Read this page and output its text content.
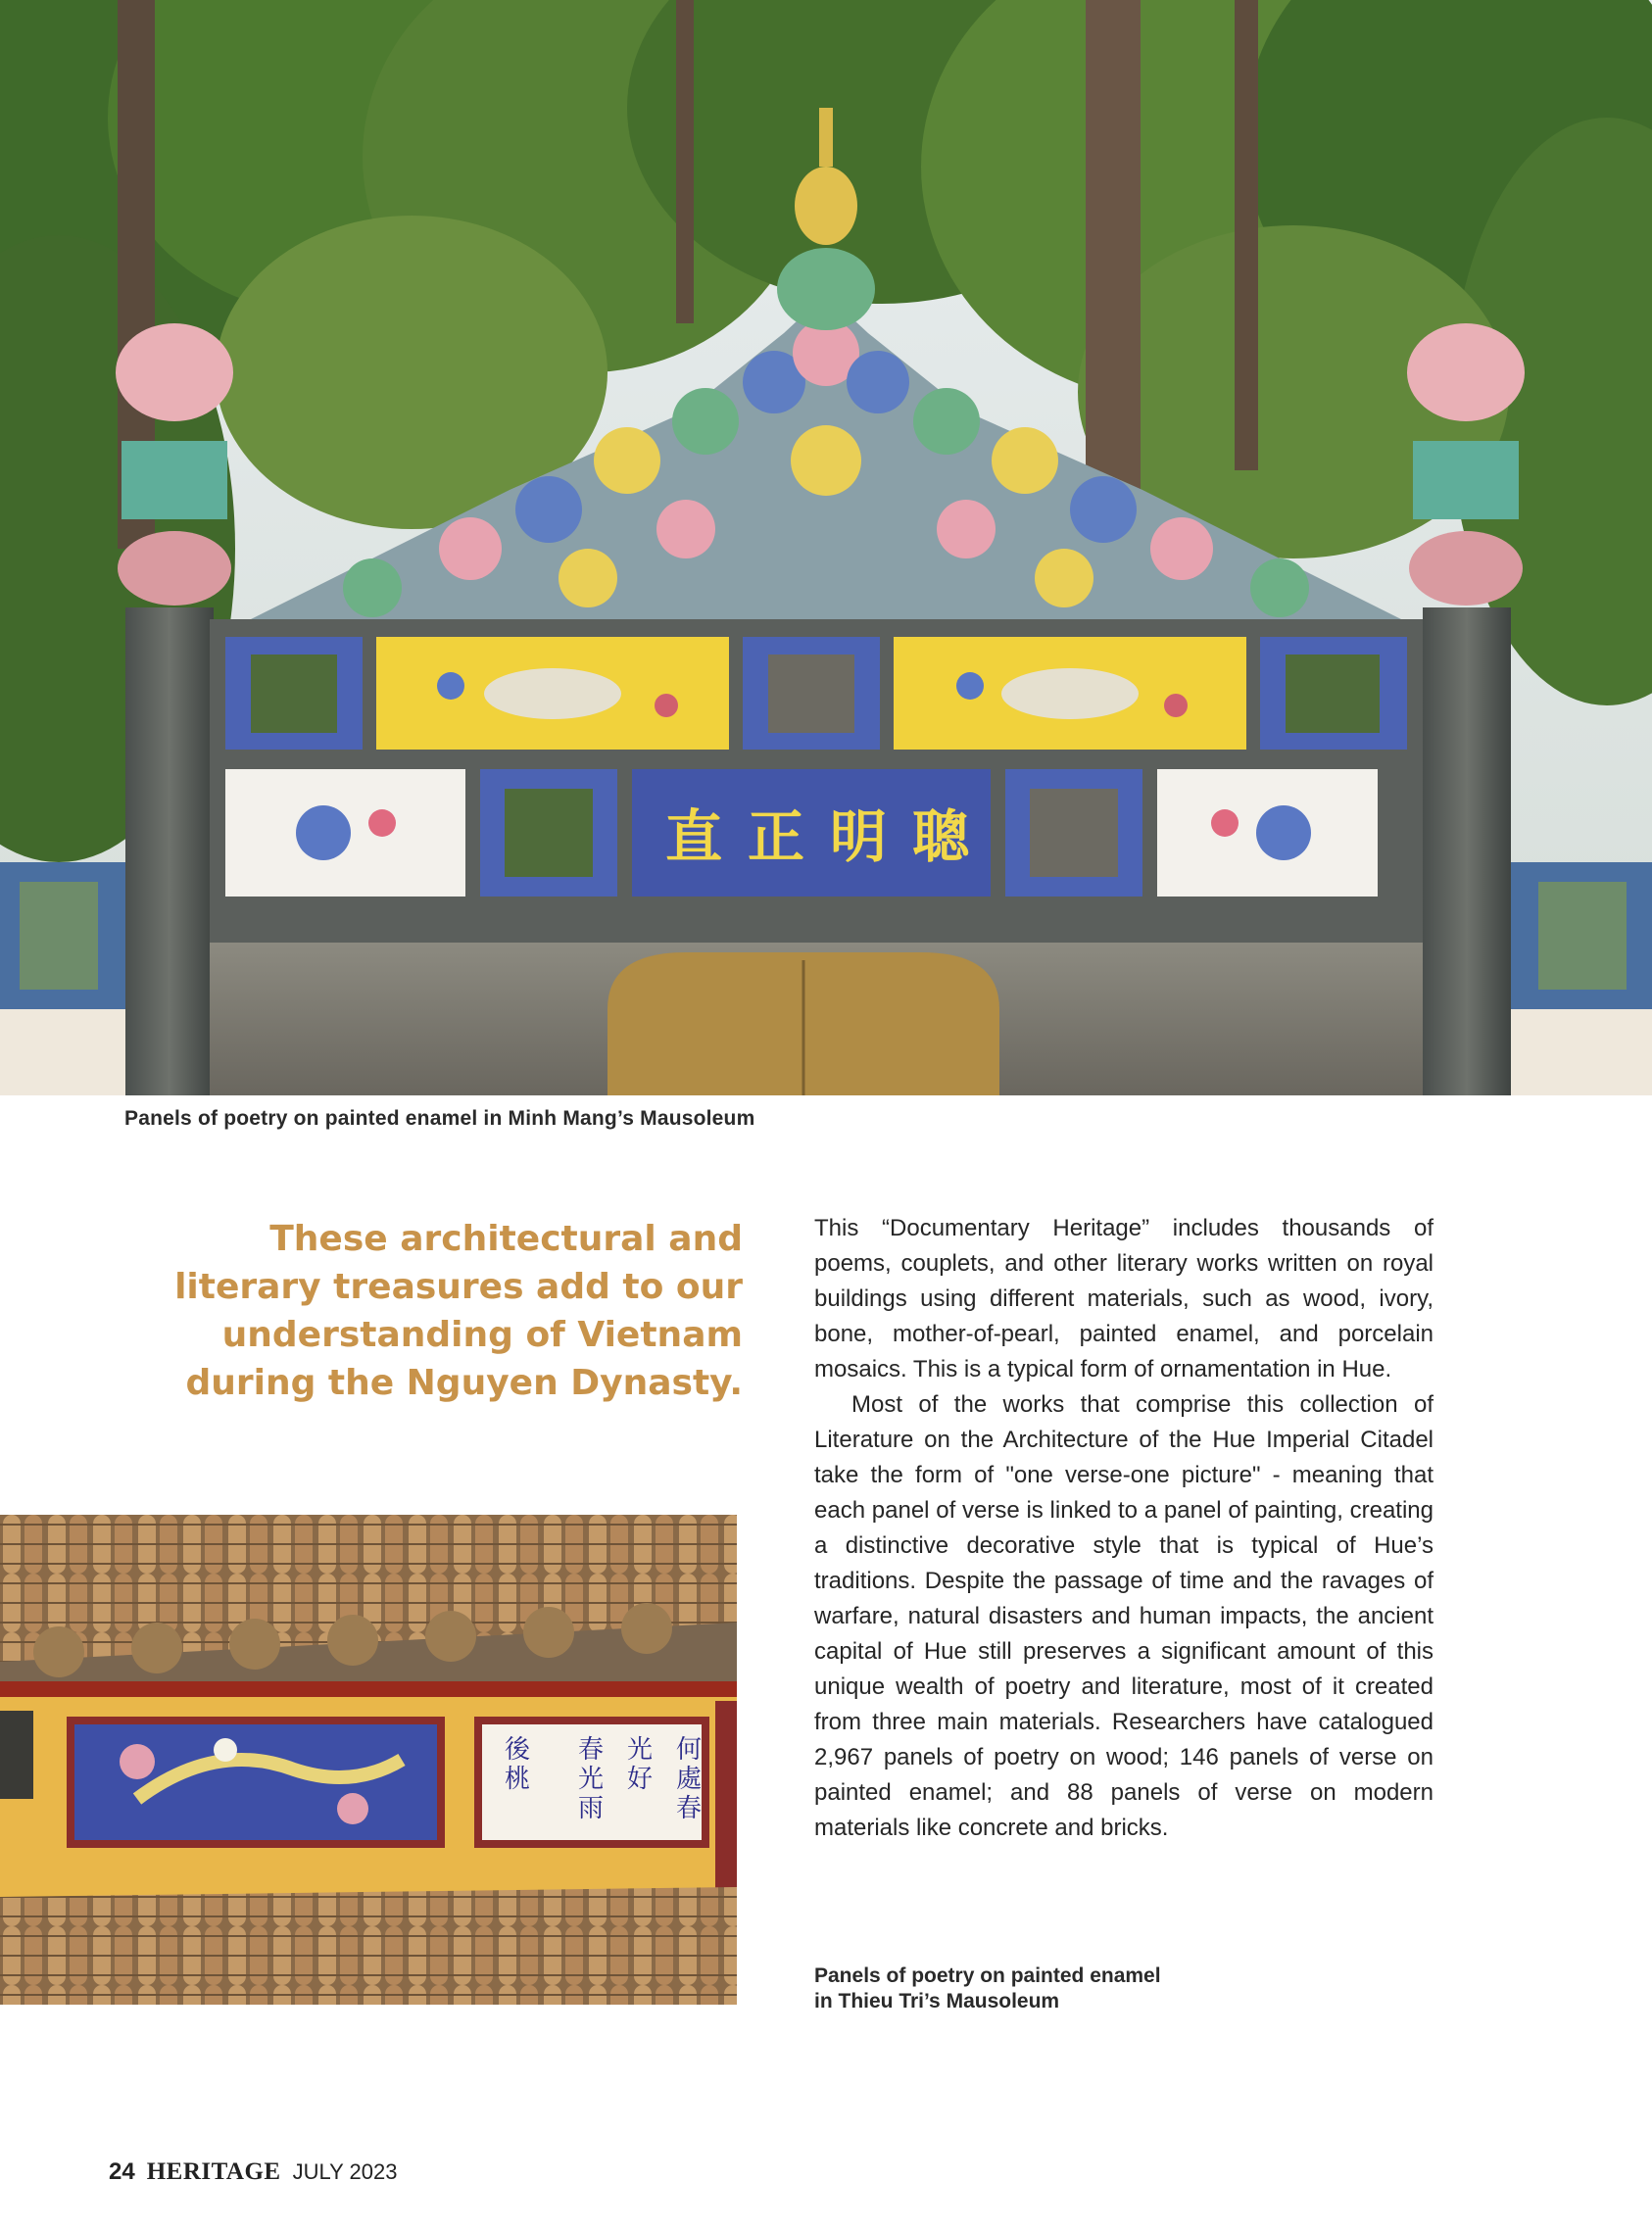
直 正 明 聰
Panels of poetry on painted enamel in Minh Mang’s Mausoleum
These architectural and
literary treasures add to our
understanding of Vietnam
during the Nguyen Dynasty.

This “Documentary Heritage” includes thousands of poems, couplets, and other literary works written on royal buildings using different materials, such as wood, ivory, bone, mother-of-pearl, painted enamel, and porcelain mosaics. This is a typical form of ornamentation in Hue.

Most of the works that comprise this collection of Literature on the Architecture of the Hue Imperial Citadel take the form of "one verse-one picture" - meaning that each panel of verse is linked to a panel of painting, creating a distinctive decorative style that is typical of Hue’s traditions. Despite the passage of time and the ravages of warfare, natural disasters and human impacts, the ancient capital of Hue still preserves a significant amount of this unique wealth of poetry and literature, most of it created from three main materials. Researchers have catalogued 2,967 panels of poetry on wood; 146 panels of verse on painted enamel; and 88 panels of verse on modern materials like concrete and bricks.

何
處
春
光
好
春
光
雨
後
桃
Panels of poetry on painted enamel
in Thieu Tri’s Mausoleum
24 HERITAGE JULY 2023
